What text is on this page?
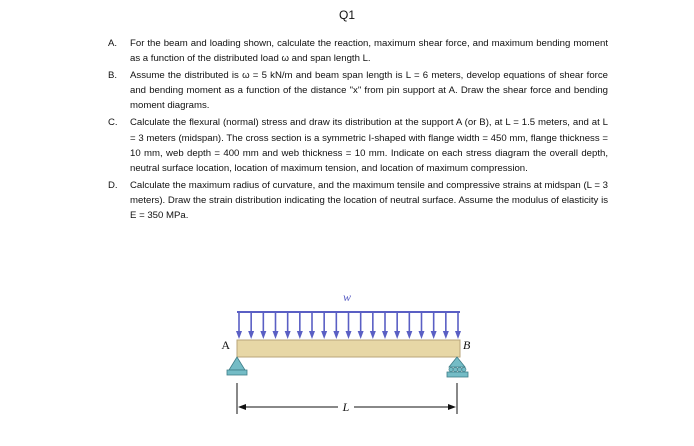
Q1
A. For the beam and loading shown, calculate the reaction, maximum shear force, and maximum bending moment as a function of the distributed load ω and span length L.

B. Assume the distributed is ω = 5 kN/m and beam span length is L = 6 meters, develop equations of shear force and bending moment as a function of the distance "x" from pin support at A. Draw the shear force and bending moment diagrams.

C. Calculate the flexural (normal) stress and draw its distribution at the support A (or B), at L = 1.5 meters, and at L = 3 meters (midspan). The cross section is a symmetric I-shaped with flange width = 450 mm, flange thickness = 10 mm, web depth = 400 mm and web thickness = 10 mm. Indicate on each stress diagram the overall depth, neutral surface location, location of maximum tension, and location of maximum compression.

D. Calculate the maximum radius of curvature, and the maximum tensile and compressive strains at midspan (L = 3 meters). Draw the strain distribution indicating the location of neutral surface. Assume the modulus of elasticity is E = 350 MPa.

w
A	B
L
